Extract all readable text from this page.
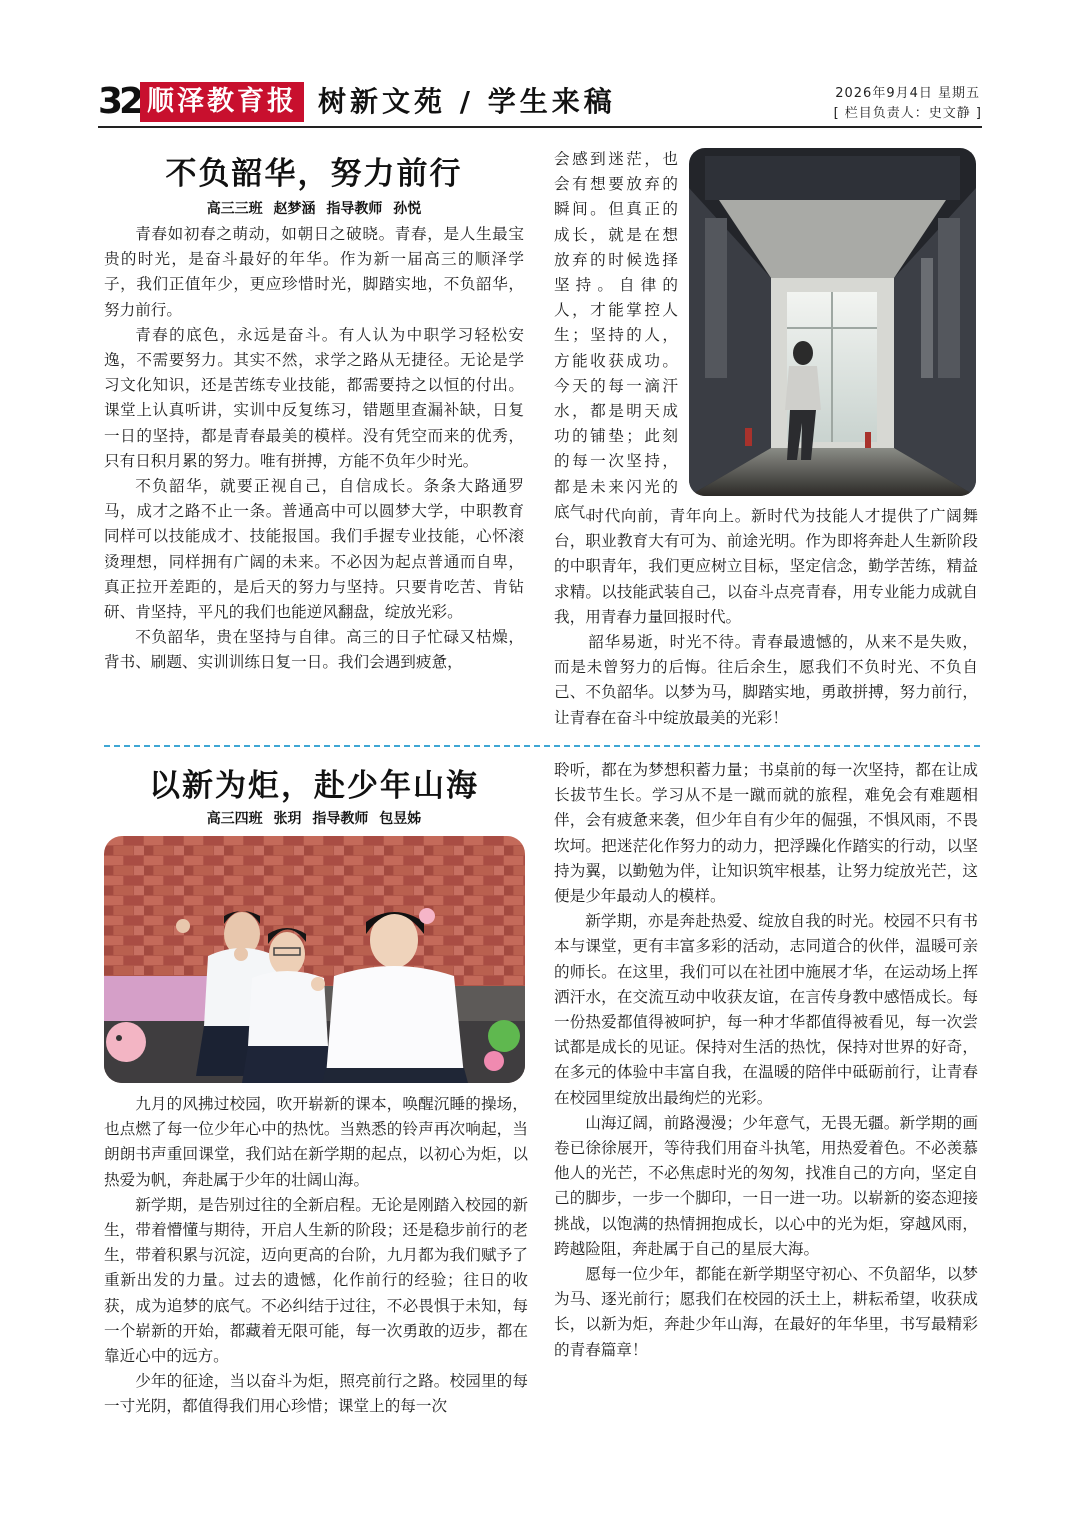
32 顺泽教育报 树新文苑 / 学生来稿	2026年9月4日 星期五
[ 栏目负责人：史文静 ]
不负韶华，努力前行
高三三班 赵梦涵 指导教师 孙悦

青春如初春之萌动，如朝日之破晓。青春，是人生最宝贵的时光，是奋斗最好的年华。作为新一届高三的顺泽学子，我们正值年少，更应珍惜时光，脚踏实地，不负韶华，努力前行。

青春的底色，永远是奋斗。有人认为中职学习轻松安逸，不需要努力。其实不然，求学之路从无捷径。无论是学习文化知识，还是苦练专业技能，都需要持之以恒的付出。课堂上认真听讲，实训中反复练习，错题里查漏补缺，日复一日的坚持，都是青春最美的模样。没有凭空而来的优秀，只有日积月累的努力。唯有拼搏，方能不负年少时光。

不负韶华，就要正视自己，自信成长。条条大路通罗马，成才之路不止一条。普通高中可以圆梦大学，中职教育同样可以技能成才、技能报国。我们手握专业技能，心怀滚烫理想，同样拥有广阔的未来。不必因为起点普通而自卑，真正拉开差距的，是后天的努力与坚持。只要肯吃苦、肯钻研、肯坚持，平凡的我们也能逆风翻盘，绽放光彩。

不负韶华，贵在坚持与自律。高三的日子忙碌又枯燥，背书、刷题、实训训练日复一日。我们会遇到疲惫，

会感到迷茫，也会有想要放弃的瞬间。但真正的成长，就是在想放弃的时候选择坚持。自律的人，才能掌控人生；坚持的人，方能收获成功。今天的每一滴汗水，都是明天成功的铺垫；此刻的每一次坚持，都是未来闪光的底气。

时代向前，青年向上。新时代为技能人才提供了广阔舞台，职业教育大有可为、前途光明。作为即将奔赴人生新阶段的中职青年，我们更应树立目标，坚定信念，勤学苦练，精益求精。以技能武装自己，以奋斗点亮青春，用专业能力成就自我，用青春力量回报时代。

韶华易逝，时光不待。青春最遗憾的，从来不是失败，而是未曾努力的后悔。往后余生，愿我们不负时光、不负自己、不负韶华。以梦为马，脚踏实地，勇敢拼搏，努力前行，让青春在奋斗中绽放最美的光彩！

以新为炬，赴少年山海
高三四班 张玥 指导教师 包昱姊

九月的风拂过校园，吹开崭新的课本，唤醒沉睡的操场，也点燃了每一位少年心中的热忱。当熟悉的铃声再次响起，当朗朗书声重回课堂，我们站在新学期的起点，以初心为炬，以热爱为帆，奔赴属于少年的壮阔山海。

新学期，是告别过往的全新启程。无论是刚踏入校园的新生，带着懵懂与期待，开启人生新的阶段；还是稳步前行的老生，带着积累与沉淀，迈向更高的台阶，九月都为我们赋予了重新出发的力量。过去的遗憾，化作前行的经验；往日的收获，成为追梦的底气。不必纠结于过往，不必畏惧于未知，每一个崭新的开始，都藏着无限可能，每一次勇敢的迈步，都在靠近心中的远方。

少年的征途，当以奋斗为炬，照亮前行之路。校园里的每一寸光阴，都值得我们用心珍惜；课堂上的每一次

聆听，都在为梦想积蓄力量；书桌前的每一次坚持，都在让成长拔节生长。学习从不是一蹴而就的旅程，难免会有难题相伴，会有疲惫来袭，但少年自有少年的倔强，不惧风雨，不畏坎坷。把迷茫化作努力的动力，把浮躁化作踏实的行动，以坚持为翼，以勤勉为伴，让知识筑牢根基，让努力绽放光芒，这便是少年最动人的模样。

新学期，亦是奔赴热爱、绽放自我的时光。校园不只有书本与课堂，更有丰富多彩的活动，志同道合的伙伴，温暖可亲的师长。在这里，我们可以在社团中施展才华，在运动场上挥洒汗水，在交流互动中收获友谊，在言传身教中感悟成长。每一份热爱都值得被呵护，每一种才华都值得被看见，每一次尝试都是成长的见证。保持对生活的热忱，保持对世界的好奇，在多元的体验中丰富自我，在温暖的陪伴中砥砺前行，让青春在校园里绽放出最绚烂的光彩。

山海辽阔，前路漫漫；少年意气，无畏无疆。新学期的画卷已徐徐展开，等待我们用奋斗执笔，用热爱着色。不必羡慕他人的光芒，不必焦虑时光的匆匆，找准自己的方向，坚定自己的脚步，一步一个脚印，一日一进一功。以崭新的姿态迎接挑战，以饱满的热情拥抱成长，以心中的光为炬，穿越风雨，跨越险阻，奔赴属于自己的星辰大海。

愿每一位少年，都能在新学期坚守初心、不负韶华，以梦为马、逐光前行；愿我们在校园的沃土上，耕耘希望，收获成长，以新为炬，奔赴少年山海，在最好的年华里，书写最精彩的青春篇章！
